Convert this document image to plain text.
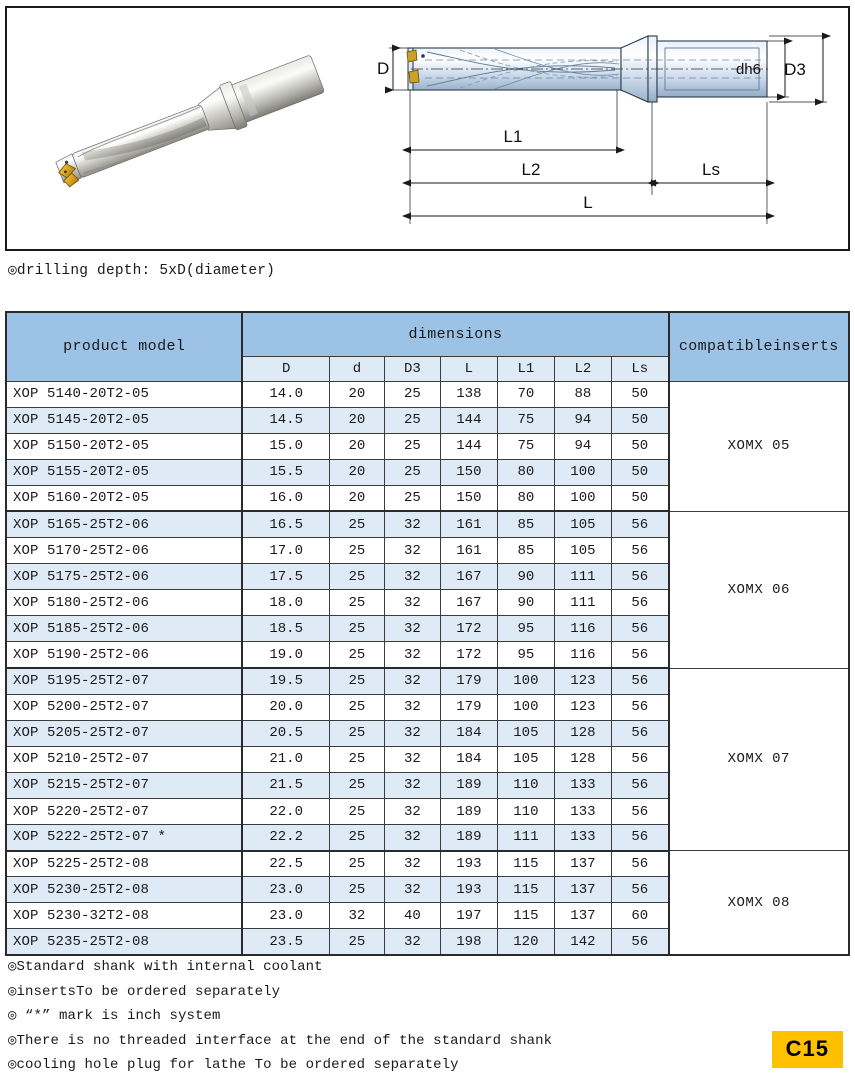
D	dh6 D3
L1
L2	Ls
L
◎drilling depth: 5xD(diameter)
product model	dimensions							compatibleinserts
	D	d	D3	L	L1	L2	Ls	
XOP 5140-20T2-05	14.0	20	25	138	70	88	50	XOMX 05
XOP 5145-20T2-05	14.5	20	25	144	75	94	50	
XOP 5150-20T2-05	15.0	20	25	144	75	94	50	
XOP 5155-20T2-05	15.5	20	25	150	80	100	50	
XOP 5160-20T2-05	16.0	20	25	150	80	100	50	
XOP 5165-25T2-06	16.5	25	32	161	85	105	56	XOMX 06
XOP 5170-25T2-06	17.0	25	32	161	85	105	56	
XOP 5175-25T2-06	17.5	25	32	167	90	111	56	
XOP 5180-25T2-06	18.0	25	32	167	90	111	56	
XOP 5185-25T2-06	18.5	25	32	172	95	116	56	
XOP 5190-25T2-06	19.0	25	32	172	95	116	56	
XOP 5195-25T2-07	19.5	25	32	179	100	123	56	XOMX 07
XOP 5200-25T2-07	20.0	25	32	179	100	123	56	
XOP 5205-25T2-07	20.5	25	32	184	105	128	56	
XOP 5210-25T2-07	21.0	25	32	184	105	128	56	
XOP 5215-25T2-07	21.5	25	32	189	110	133	56	
XOP 5220-25T2-07	22.0	25	32	189	110	133	56	
XOP 5222-25T2-07 *	22.2	25	32	189	111	133	56	
XOP 5225-25T2-08	22.5	25	32	193	115	137	56	XOMX 08
XOP 5230-25T2-08	23.0	25	32	193	115	137	56	
XOP 5230-32T2-08	23.0	32	40	197	115	137	60	
XOP 5235-25T2-08	23.5	25	32	198	120	142	56	
◎Standard shank with internal coolant
◎insertsTo be ordered separately
◎ “*” mark is inch system
◎There is no threaded interface at the end of the standard shank
◎cooling hole plug for lathe To be ordered separately
C15
